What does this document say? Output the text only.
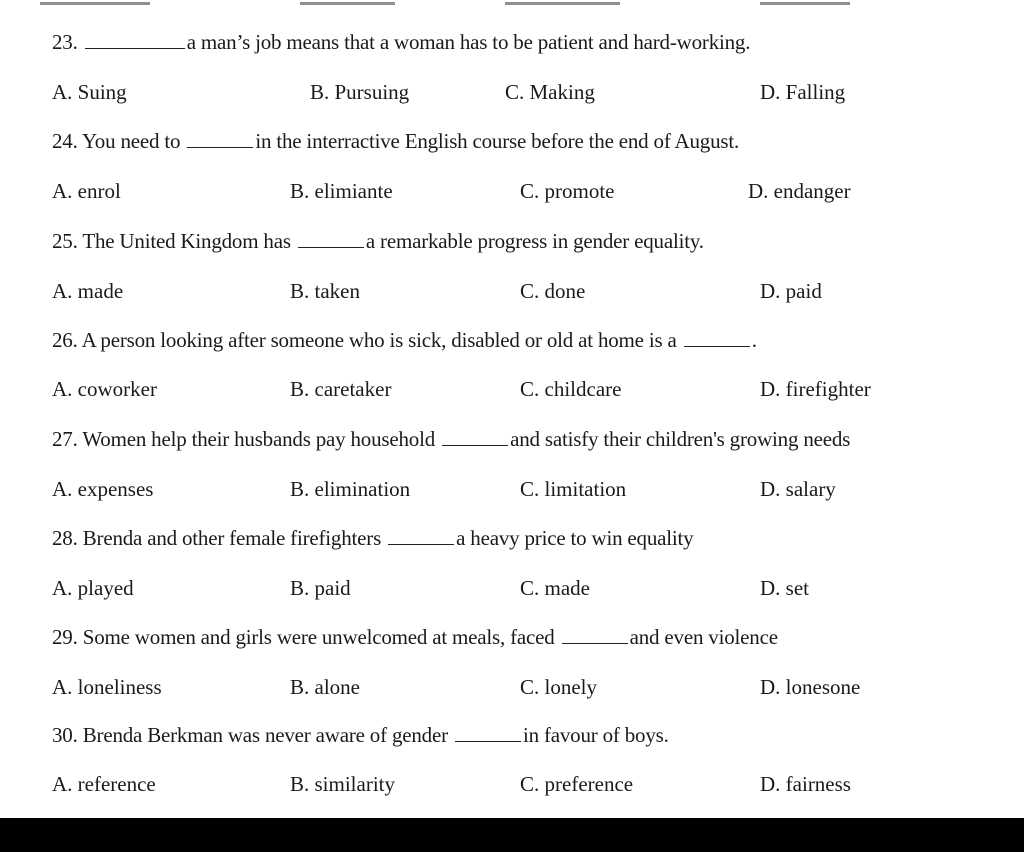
23.	a man’s job means that a woman has to be patient and hard-working.
A. Suing	B. Pursuing	C. Making	D. Falling
24. You need to	in the interractive English course before the end of August.
A. enrol	B. elimiante	C. promote	D. endanger
25. The United Kingdom has	a remarkable progress in gender equality.
A. made	B. taken	C. done	D. paid
26. A person looking after someone who is sick, disabled or old at home is a	.
A. coworker	B. caretaker	C. childcare	D. firefighter
27. Women help their husbands pay household	and satisfy their children's growing needs
A. expenses	B. elimination	C. limitation	D. salary
28. Brenda and other female firefighters	a heavy price to win equality
A. played	B. paid	C. made	D. set
29. Some women and girls were unwelcomed at meals, faced	and even violence
A. loneliness	B. alone	C. lonely	D. lonesone
30. Brenda Berkman was never aware of gender	in favour of boys.
A. reference	B. similarity	C. preference	D. fairness
